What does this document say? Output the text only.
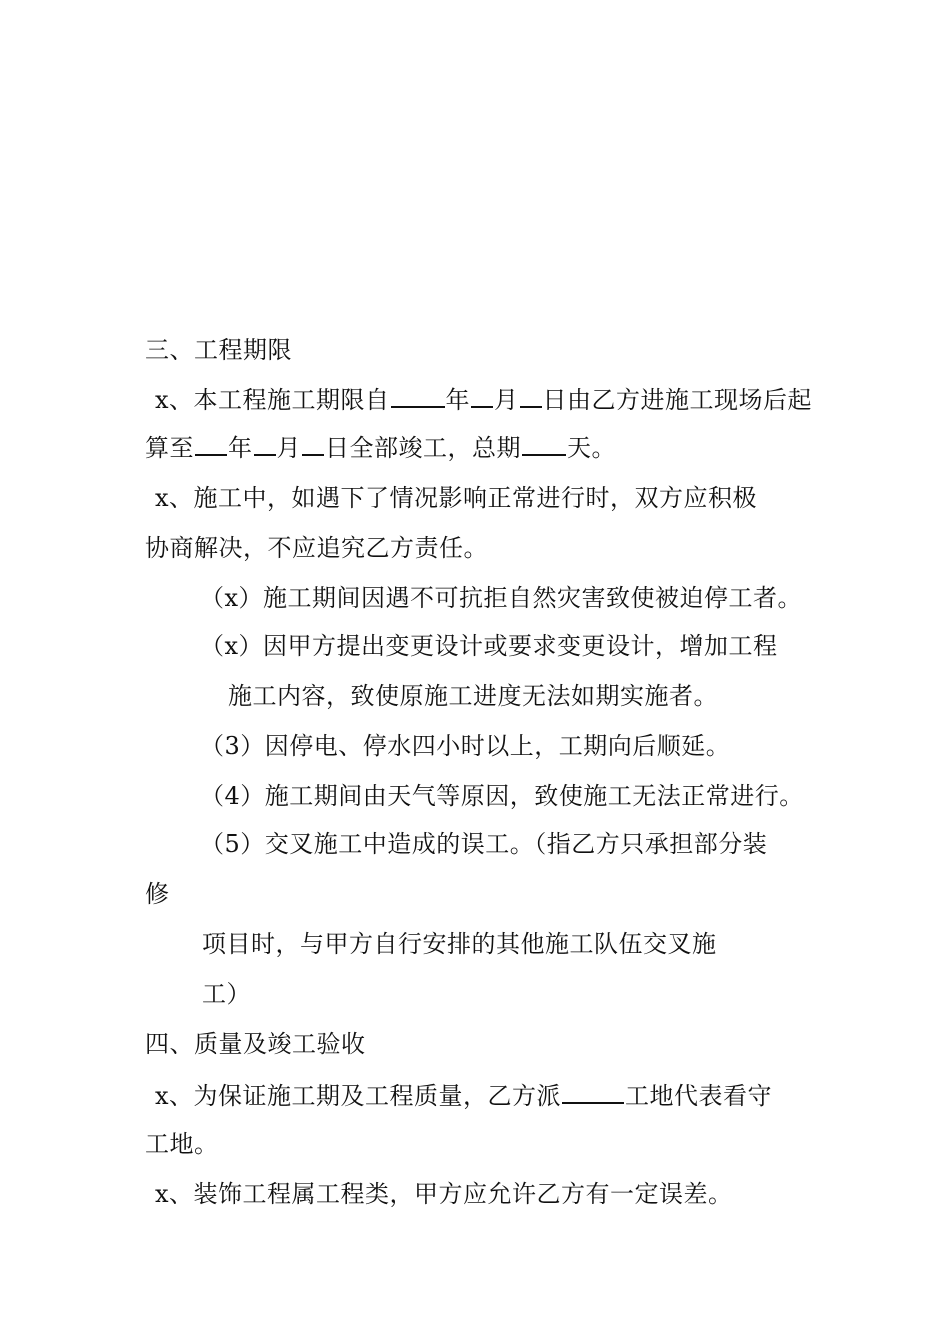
三、工程期限
x、本工程施工期限自 年 月 日由乙方进施工现场后起
算至 年 月 日全部竣工，总期 天。
x、施工中，如遇下了情况影响正常进行时，双方应积极
协商解决，不应追究乙方责任。
（x）施工期间因遇不可抗拒自然灾害致使被迫停工者。
（x）因甲方提出变更设计或要求变更设计，增加工程
施工内容，致使原施工进度无法如期实施者。
（3）因停电、停水四小时以上，工期向后顺延。
（4）施工期间由天气等原因，致使施工无法正常进行。
（5）交叉施工中造成的误工。（指乙方只承担部分装
修
项目时，与甲方自行安排的其他施工队伍交叉施
工）
四、质量及竣工验收
x、为保证施工期及工程质量，乙方派	工地代表看守
工地。
x、装饰工程属工程类，甲方应允许乙方有一定误差。
